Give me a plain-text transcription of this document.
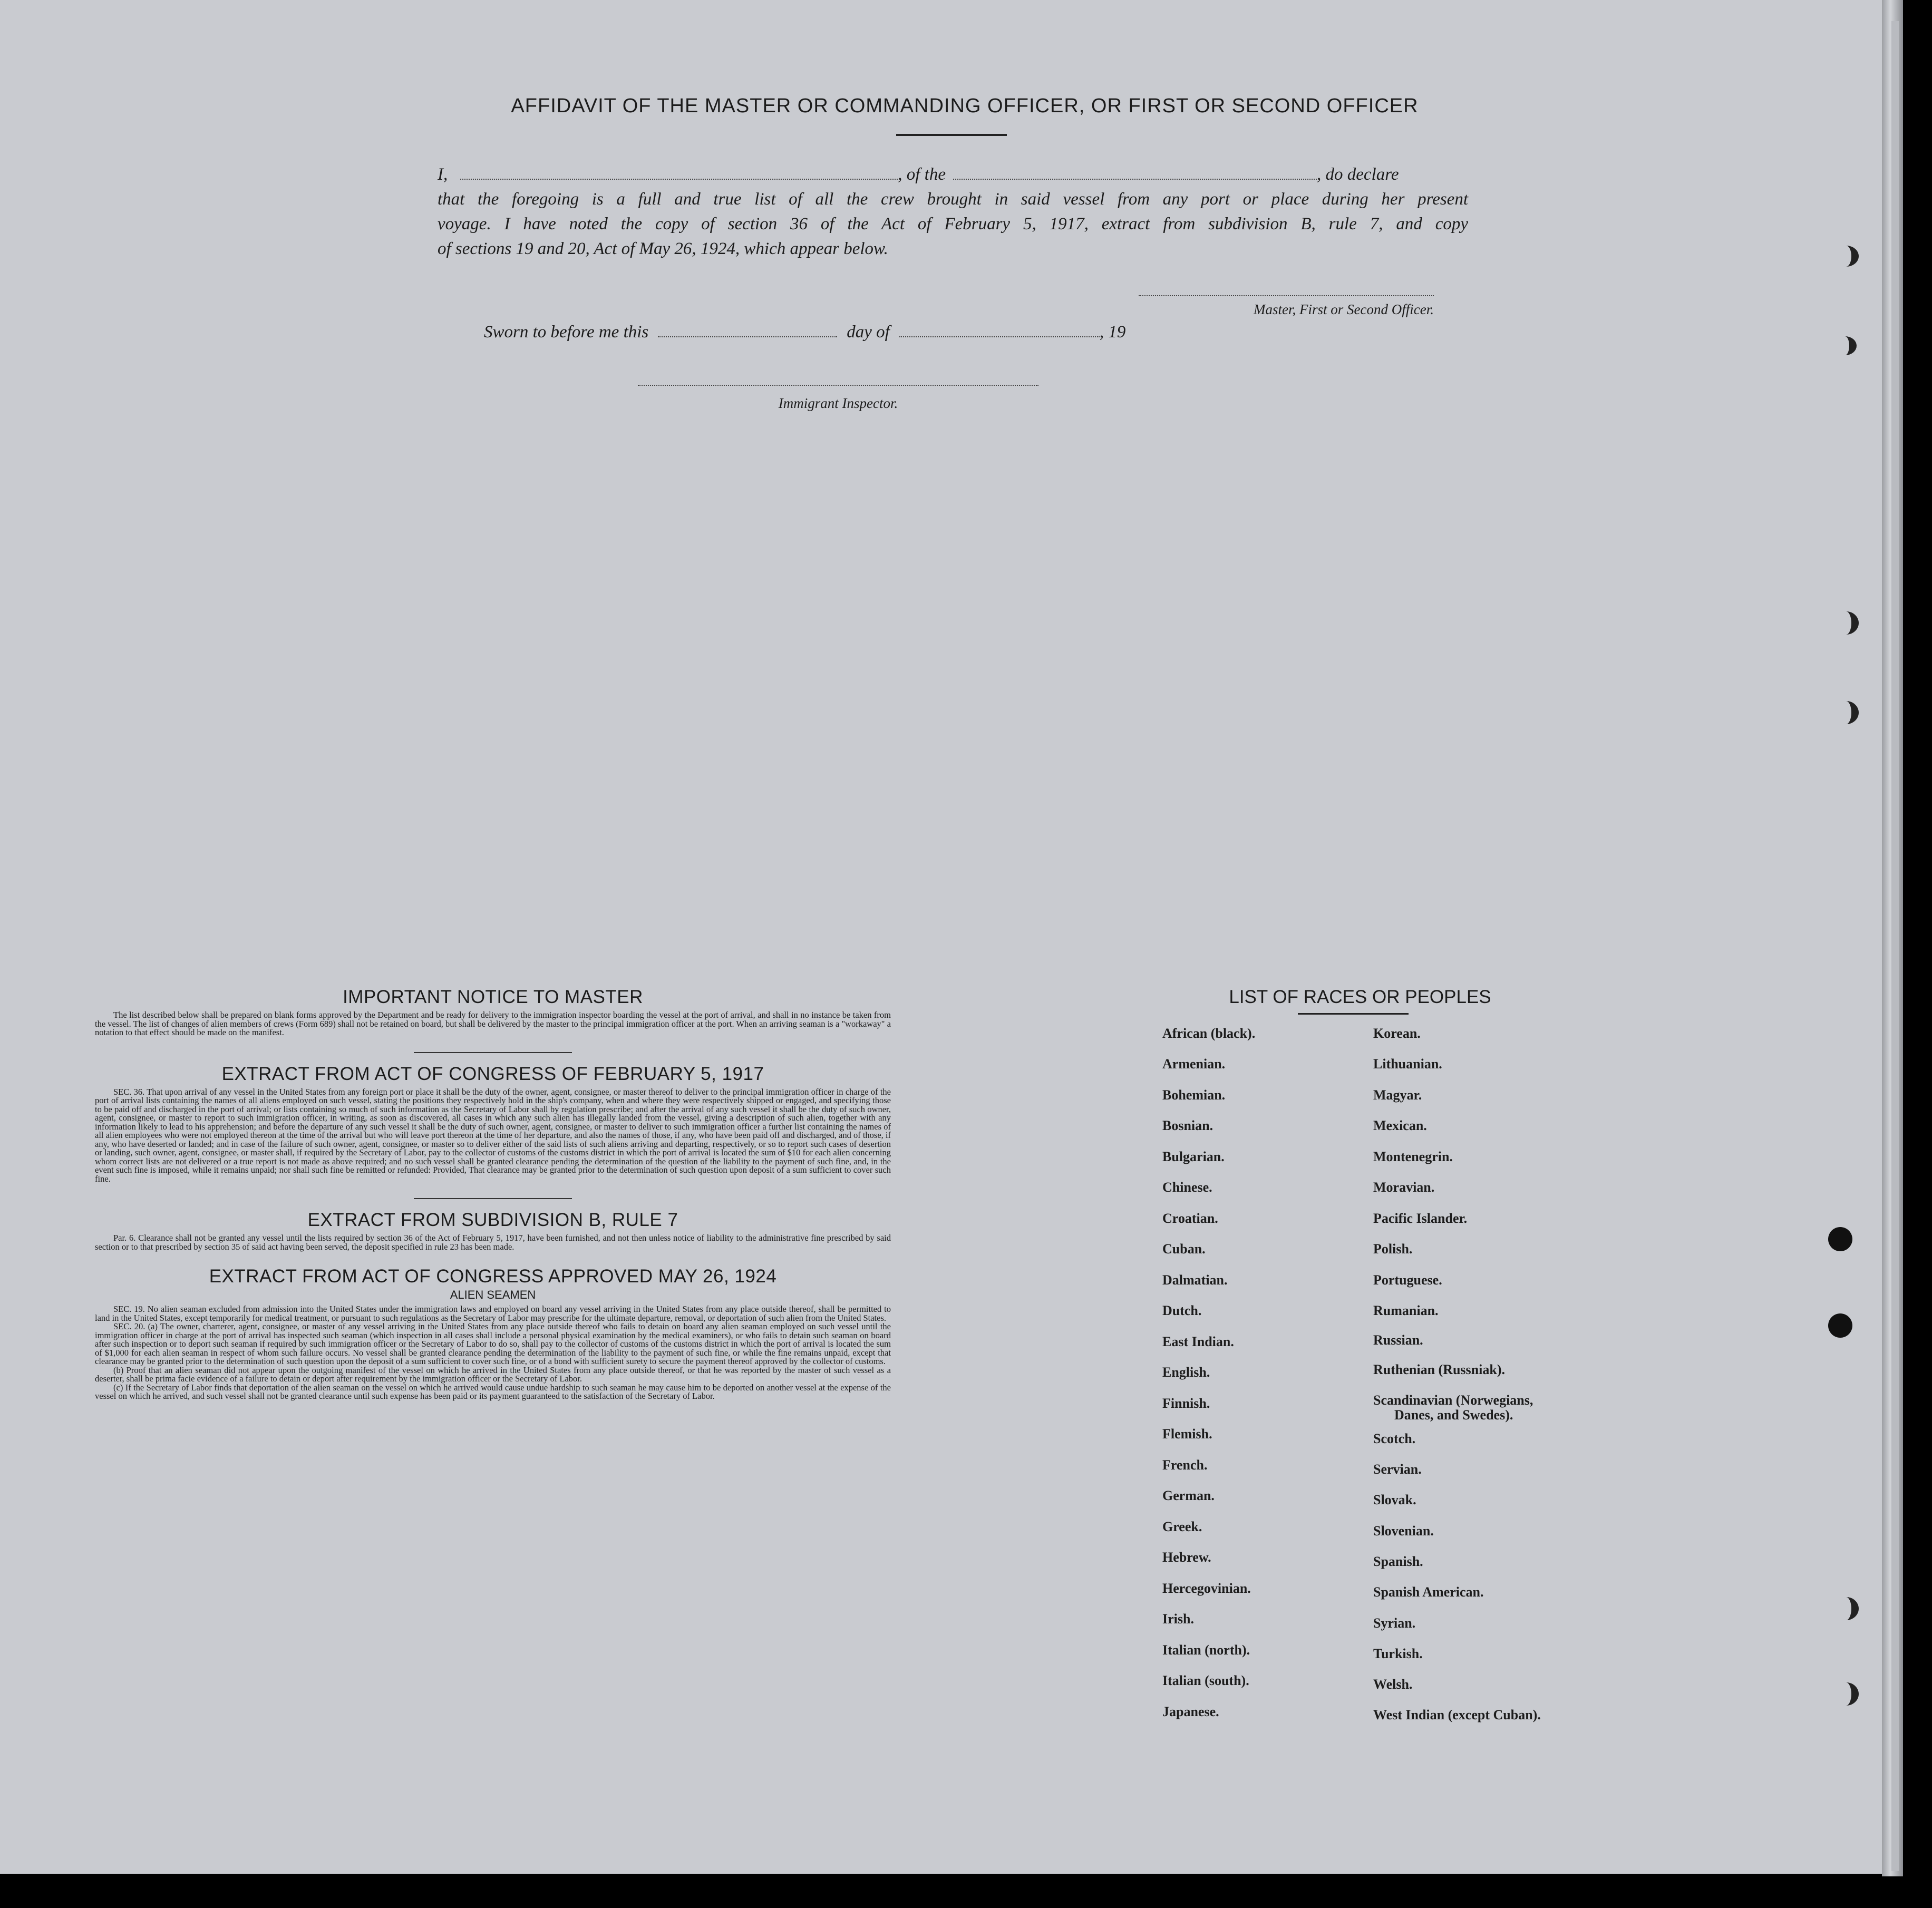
AFFIDAVIT OF THE MASTER OR COMMANDING OFFICER, OR FIRST OR SECOND OFFICER
I,	, of the	, do declare
that the foregoing is a full and true list of all the crew brought in said vessel from any port or place during her present
voyage. I have noted the copy of section 36 of the Act of February 5, 1917, extract from subdivision B, rule 7, and copy
of sections 19 and 20, Act of May 26, 1924, which appear below.
Master, First or Second Officer.
Sworn to before me this	day of	, 19
Immigrant Inspector.
IMPORTANT NOTICE TO MASTER

The list described below shall be prepared on blank forms approved by the Department and be ready for delivery to the immigration inspector boarding the vessel at the port of arrival, and shall in no instance be taken from the vessel. The list of changes of alien members of crews (Form 689) shall not be retained on board, but shall be delivered by the master to the principal immigration officer at the port. When an arriving seaman is a "workaway" a notation to that effect should be made on the manifest.

EXTRACT FROM ACT OF CONGRESS OF FEBRUARY 5, 1917

SEC. 36. That upon arrival of any vessel in the United States from any foreign port or place it shall be the duty of the owner, agent, consignee, or master thereof to deliver to the principal immigration officer in charge of the port of arrival lists containing the names of all aliens employed on such vessel, stating the positions they respectively hold in the ship's company, when and where they were respectively shipped or engaged, and specifying those to be paid off and discharged in the port of arrival; or lists containing so much of such information as the Secretary of Labor shall by regulation prescribe; and after the arrival of any such vessel it shall be the duty of such owner, agent, consignee, or master to report to such immigration officer, in writing, as soon as discovered, all cases in which any such alien has illegally landed from the vessel, giving a description of such alien, together with any information likely to lead to his apprehension; and before the departure of any such vessel it shall be the duty of such owner, agent, consignee, or master to deliver to such immigration officer a further list containing the names of all alien employees who were not employed thereon at the time of the arrival but who will leave port thereon at the time of her departure, and also the names of those, if any, who have been paid off and discharged, and of those, if any, who have deserted or landed; and in case of the failure of such owner, agent, consignee, or master so to deliver either of the said lists of such aliens arriving and departing, respectively, or so to report such cases of desertion or landing, such owner, agent, consignee, or master shall, if required by the Secretary of Labor, pay to the collector of customs of the customs district in which the port of arrival is located the sum of $10 for each alien concerning whom correct lists are not delivered or a true report is not made as above required; and no such vessel shall be granted clearance pending the determination of the question of the liability to the payment of such fine, and, in the event such fine is imposed, while it remains unpaid; nor shall such fine be remitted or refunded: Provided, That clearance may be granted prior to the determination of such question upon deposit of a sum sufficient to cover such fine.

EXTRACT FROM SUBDIVISION B, RULE 7

Par. 6. Clearance shall not be granted any vessel until the lists required by section 36 of the Act of February 5, 1917, have been furnished, and not then unless notice of liability to the administrative fine prescribed by said section or to that prescribed by section 35 of said act having been served, the deposit specified in rule 23 has been made.

EXTRACT FROM ACT OF CONGRESS APPROVED MAY 26, 1924
ALIEN SEAMEN

SEC. 19. No alien seaman excluded from admission into the United States under the immigration laws and employed on board any vessel arriving in the United States from any place outside thereof, shall be permitted to land in the United States, except temporarily for medical treatment, or pursuant to such regulations as the Secretary of Labor may prescribe for the ultimate departure, removal, or deportation of such alien from the United States.

SEC. 20. (a) The owner, charterer, agent, consignee, or master of any vessel arriving in the United States from any place outside thereof who fails to detain on board any alien seaman employed on such vessel until the immigration officer in charge at the port of arrival has inspected such seaman (which inspection in all cases shall include a personal physical examination by the medical examiners), or who fails to detain such seaman on board after such inspection or to deport such seaman if required by such immigration officer or the Secretary of Labor to do so, shall pay to the collector of customs of the customs district in which the port of arrival is located the sum of $1,000 for each alien seaman in respect of whom such failure occurs. No vessel shall be granted clearance pending the determination of the liability to the payment of such fine, or while the fine remains unpaid, except that clearance may be granted prior to the determination of such question upon the deposit of a sum sufficient to cover such fine, or of a bond with sufficient surety to secure the payment thereof approved by the collector of customs.

(b) Proof that an alien seaman did not appear upon the outgoing manifest of the vessel on which he arrived in the United States from any place outside thereof, or that he was reported by the master of such vessel as a deserter, shall be prima facie evidence of a failure to detain or deport after requirement by the immigration officer or the Secretary of Labor.

(c) If the Secretary of Labor finds that deportation of the alien seaman on the vessel on which he arrived would cause undue hardship to such seaman he may cause him to be deported on another vessel at the expense of the vessel on which he arrived, and such vessel shall not be granted clearance until such expense has been paid or its payment guaranteed to the satisfaction of the Secretary of Labor.

LIST OF RACES OR PEOPLES
African (black).
Armenian.
Bohemian.
Bosnian.
Bulgarian.
Chinese.
Croatian.
Cuban.
Dalmatian.
Dutch.
East Indian.
English.
Finnish.
Flemish.
French.
German.
Greek.
Hebrew.
Hercegovinian.
Irish.
Italian (north).
Italian (south).
Japanese.
Korean.
Lithuanian.
Magyar.
Mexican.
Montenegrin.
Moravian.
Pacific Islander.
Polish.
Portuguese.
Rumanian.
Russian.
Ruthenian (Russniak).
Scandinavian (Norwegians,
Danes, and Swedes).
Scotch.
Servian.
Slovak.
Slovenian.
Spanish.
Spanish American.
Syrian.
Turkish.
Welsh.
West Indian (except Cuban).
